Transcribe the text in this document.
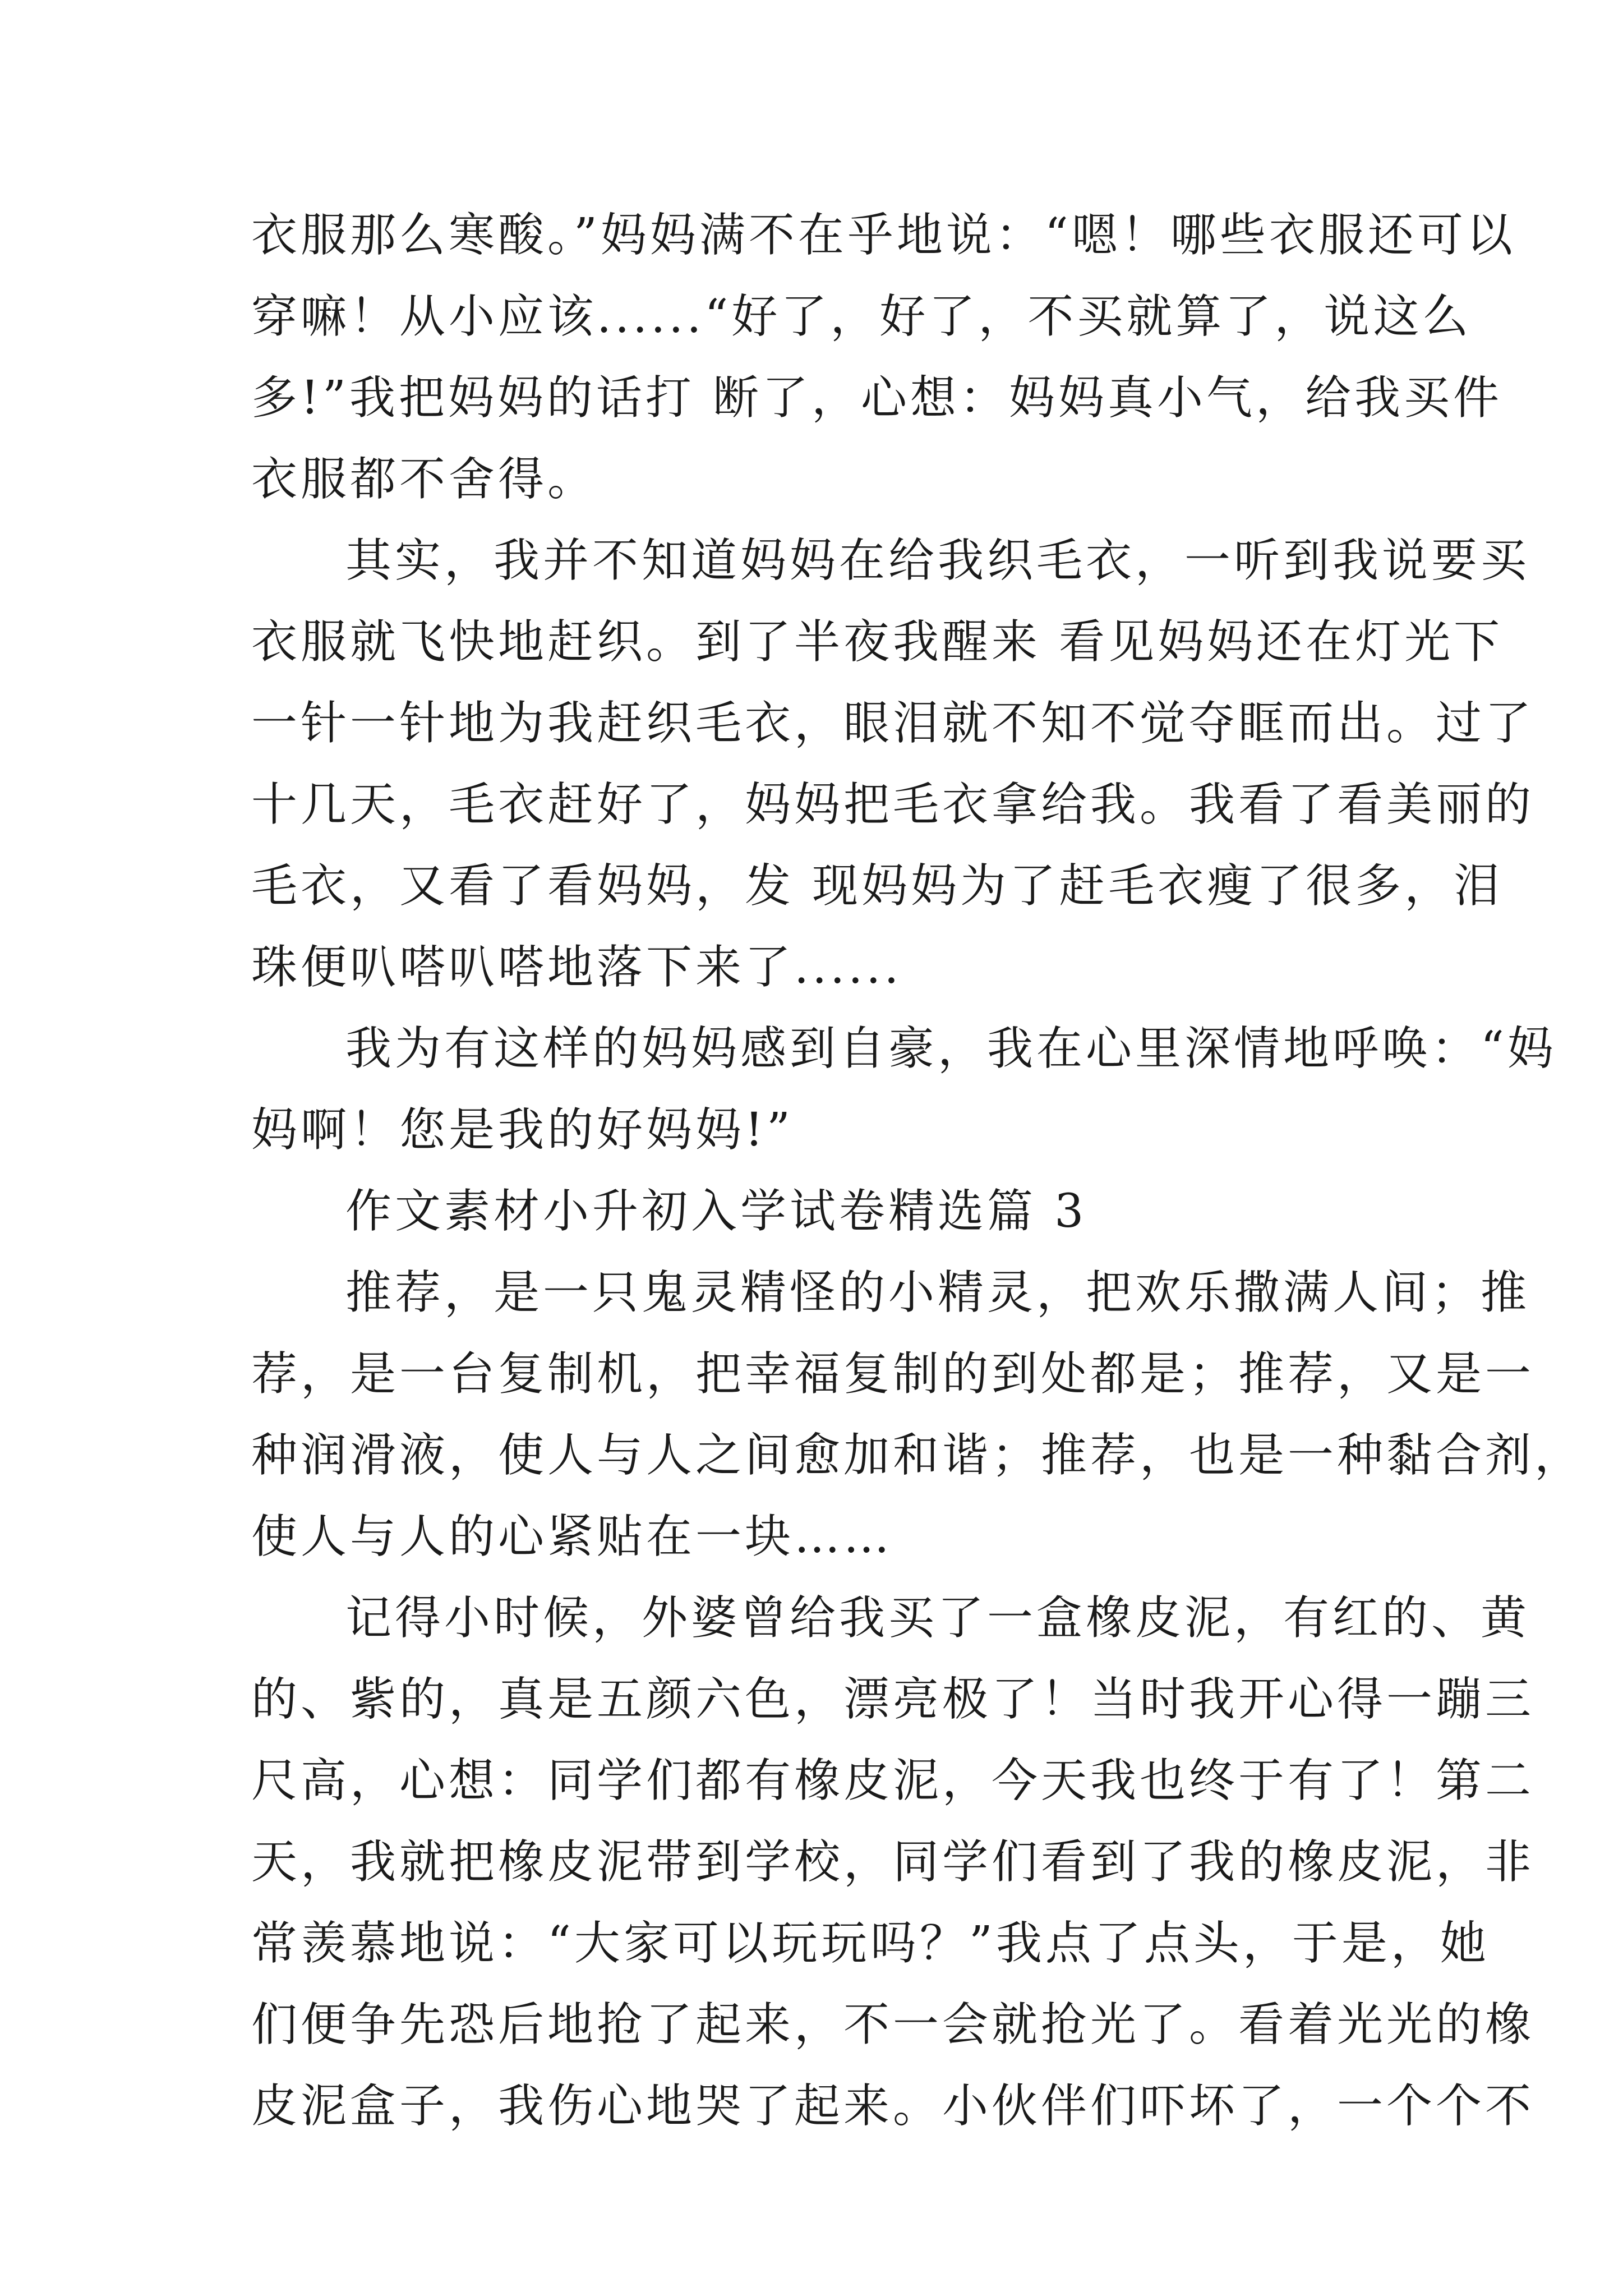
衣服那么寒酸。”妈妈满不在乎地说：“嗯！哪些衣服还可以
穿嘛！从小应该......“好了，好了，不买就算了，说这么
多!”我把妈妈的话打 断了，心想：妈妈真小气，给我买件
衣服都不舍得。
其实，我并不知道妈妈在给我织毛衣，一听到我说要买
衣服就飞快地赶织。到了半夜我醒来 看见妈妈还在灯光下
一针一针地为我赶织毛衣，眼泪就不知不觉夺眶而出。过了
十几天，毛衣赶好了，妈妈把毛衣拿给我。我看了看美丽的
毛衣，又看了看妈妈，发 现妈妈为了赶毛衣瘦了很多，泪
珠便叭嗒叭嗒地落下来了......
我为有这样的妈妈感到自豪，我在心里深情地呼唤：“妈
妈啊！您是我的好妈妈!”
作文素材小升初入学试卷精选篇 3
推荐，是一只鬼灵精怪的小精灵，把欢乐撒满人间；推
荐，是一台复制机，把幸福复制的到处都是；推荐，又是一
种润滑液，使人与人之间愈加和谐；推荐，也是一种黏合剂，
使人与人的心紧贴在一块……
记得小时候，外婆曾给我买了一盒橡皮泥，有红的、黄
的、紫的，真是五颜六色，漂亮极了！当时我开心得一蹦三
尺高，心想：同学们都有橡皮泥，今天我也终于有了！第二
天，我就把橡皮泥带到学校，同学们看到了我的橡皮泥，非
常羡慕地说：“大家可以玩玩吗？”我点了点头，于是，她
们便争先恐后地抢了起来，不一会就抢光了。看着光光的橡
皮泥盒子，我伤心地哭了起来。小伙伴们吓坏了，一个个不
